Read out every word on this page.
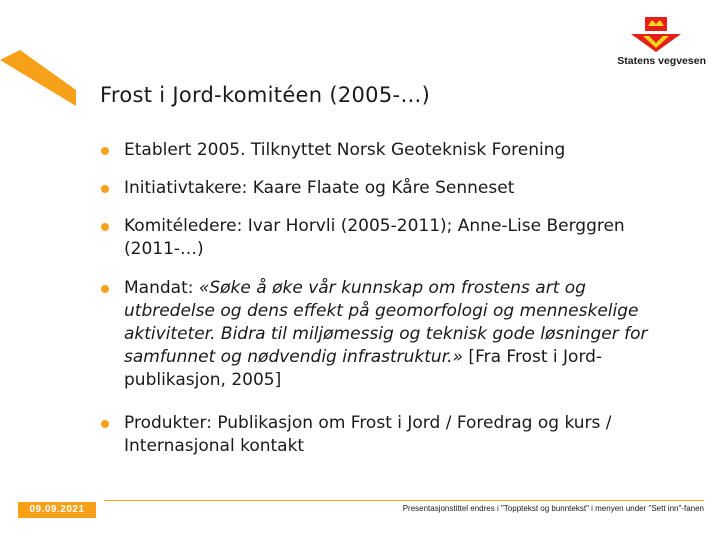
Statens vegvesen
Frost i Jord-komitéen (2005-…)
Etablert 2005. Tilknyttet Norsk Geoteknisk Forening
Initiativtakere: Kaare Flaate og Kåre Senneset
Komitéledere: Ivar Horvli (2005-2011); Anne-Lise Berggren (2011-…)
Mandat: «Søke å øke vår kunnskap om frostens art og utbredelse og dens effekt på geomorfologi og menneskelige aktiviteter. Bidra til miljømessig og teknisk gode løsninger for samfunnet og nødvendig infrastruktur.» [Fra Frost i Jord-publikasjon, 2005]
Produkter: Publikasjon om Frost i Jord / Foredrag og kurs / Internasjonal kontakt
09.09.2021	Presentasjonstittel endres i "Topptekst og bunntekst" i menyen under "Sett inn"-fanen
